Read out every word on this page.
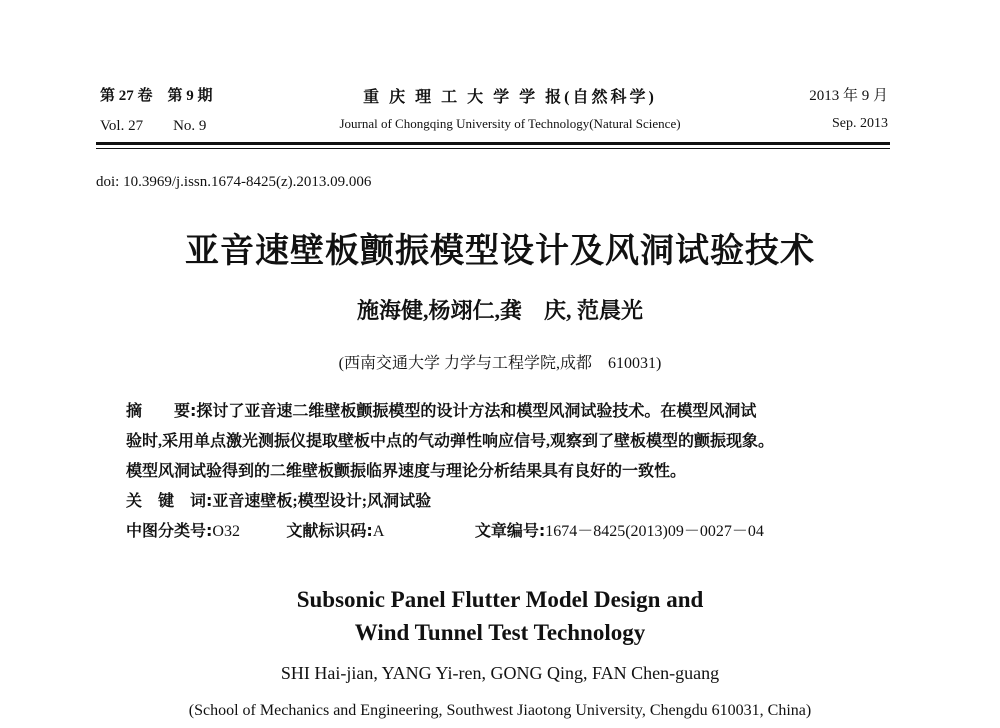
第 27 卷　第 9 期
Vol. 27　　No. 9
重 庆 理 工 大 学 学 报(自然科学)
Journal of Chongqing University of Technology(Natural Science)
2013 年 9 月
Sep. 2013
doi: 10.3969/j.issn.1674-8425(z).2013.09.006
亚音速壁板颤振模型设计及风洞试验技术
施海健,杨翊仁,龚　庆, 范晨光
(西南交通大学 力学与工程学院,成都　610031)
摘　　要:探讨了亚音速二维壁板颤振模型的设计方法和模型风洞试验技术。在模型风洞试
验时,采用单点激光测振仪提取壁板中点的气动弹性响应信号,观察到了壁板模型的颤振现象。
模型风洞试验得到的二维壁板颤振临界速度与理论分析结果具有良好的一致性。
关　键　词:亚音速壁板;模型设计;风洞试验
中图分类号:O32	文献标识码:A	文章编号:1674－8425(2013)09－0027－04
Subsonic Panel Flutter Model Design and
Wind Tunnel Test Technology
SHI Hai-jian, YANG Yi-ren, GONG Qing, FAN Chen-guang
(School of Mechanics and Engineering, Southwest Jiaotong University, Chengdu 610031, China)
